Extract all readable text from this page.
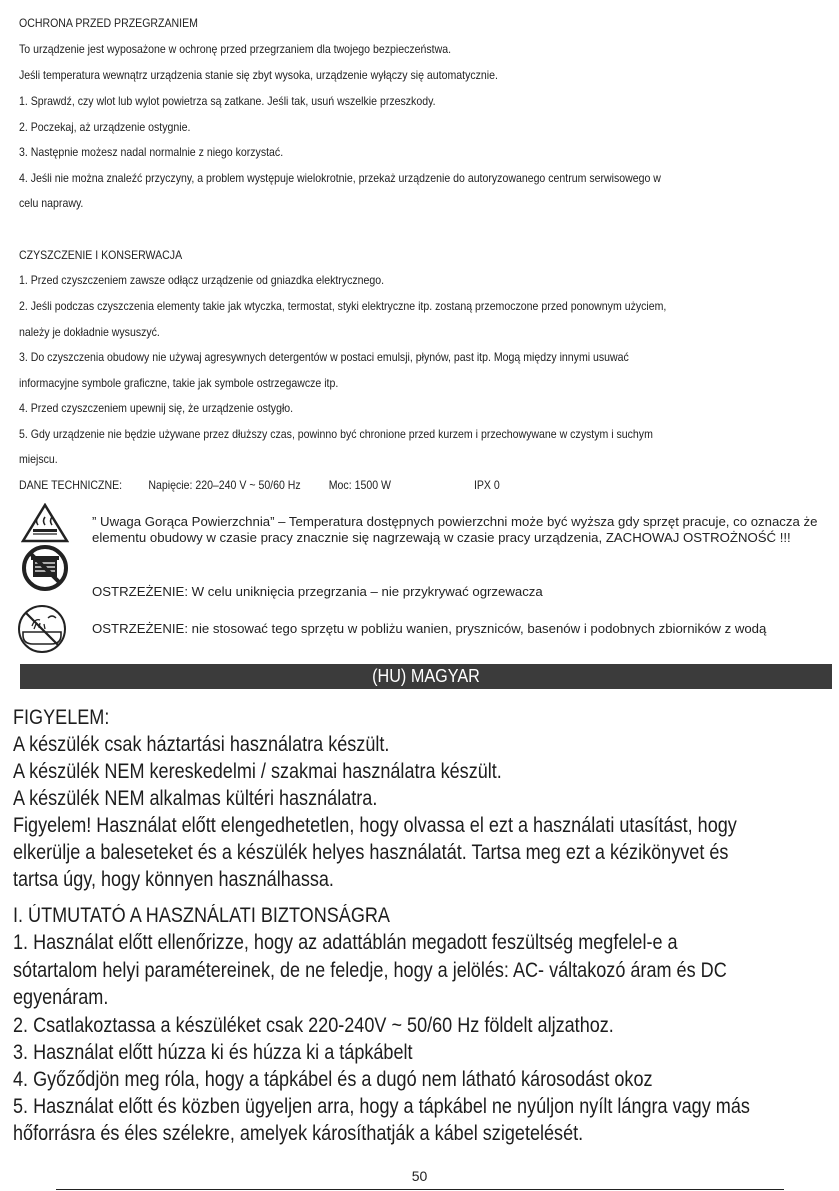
OCHRONA PRZED PRZEGRZANIEM
To urządzenie jest wyposażone w ochronę przed przegrzaniem dla twojego bezpieczeństwa.
Jeśli temperatura wewnątrz urządzenia stanie się zbyt wysoka, urządzenie wyłączy się automatycznie.
1. Sprawdź, czy wlot lub wylot powietrza są zatkane. Jeśli tak, usuń wszelkie przeszkody.
2. Poczekaj, aż urządzenie ostygnie.
3. Następnie możesz nadal normalnie z niego korzystać.
4. Jeśli nie można znaleźć przyczyny, a problem występuje wielokrotnie, przekaż urządzenie do autoryzowanego centrum serwisowego w
celu naprawy.
CZYSZCZENIE I KONSERWACJA
1. Przed czyszczeniem zawsze odłącz urządzenie od gniazdka elektrycznego.
2. Jeśli podczas czyszczenia elementy takie jak wtyczka, termostat, styki elektryczne itp. zostaną przemoczone przed ponownym użyciem,
należy je dokładnie wysuszyć.
3. Do czyszczenia obudowy nie używaj agresywnych detergentów w postaci emulsji, płynów, past itp. Mogą między innymi usuwać
informacyjne symbole graficzne, takie jak symbole ostrzegawcze itp.
4. Przed czyszczeniem upewnij się, że urządzenie ostygło.
5. Gdy urządzenie nie będzie używane przez dłuższy czas, powinno być chronione przed kurzem i przechowywane w czystym i suchym
miejscu.
DANE TECHNICZNE: Napięcie: 220–240 V ~ 50/60 Hz Moc: 1500 W	IPX 0
” Uwaga Gorąca Powierzchnia” – Temperatura dostępnych powierzchni może być wyższa gdy sprzęt pracuje, co oznacza że elementu obudowy w czasie pracy znacznie się nagrzewają w czasie pracy urządzenia, ZACHOWAJ OSTROŻNOŚĆ !!!
OSTRZEŻENIE: W celu uniknięcia przegrzania – nie przykrywać ogrzewacza
OSTRZEŻENIE: nie stosować tego sprzętu w pobliżu wanien, pryszniców, basenów i podobnych zbiorników z wodą
(HU) MAGYAR
FIGYELEM:
A készülék csak háztartási használatra készült.
A készülék NEM kereskedelmi / szakmai használatra készült.
A készülék NEM alkalmas kültéri használatra.
Figyelem! Használat előtt elengedhetetlen, hogy olvassa el ezt a használati utasítást, hogy
elkerülje a baleseteket és a készülék helyes használatát. Tartsa meg ezt a kézikönyvet és
tartsa úgy, hogy könnyen használhassa.
I. ÚTMUTATÓ A HASZNÁLATI BIZTONSÁGRA
1. Használat előtt ellenőrizze, hogy az adattáblán megadott feszültség megfelel-e a
sótartalom helyi paramétereinek, de ne feledje, hogy a jelölés: AC- váltakozó áram és DC
egyenáram.
2. Csatlakoztassa a készüléket csak 220-240V ~ 50/60 Hz földelt aljzathoz.
3. Használat előtt húzza ki és húzza ki a tápkábelt
4. Győződjön meg róla, hogy a tápkábel és a dugó nem látható károsodást okoz
5. Használat előtt és közben ügyeljen arra, hogy a tápkábel ne nyúljon nyílt lángra vagy más
hőforrásra és éles szélekre, amelyek károsíthatják a kábel szigetelését.
50
